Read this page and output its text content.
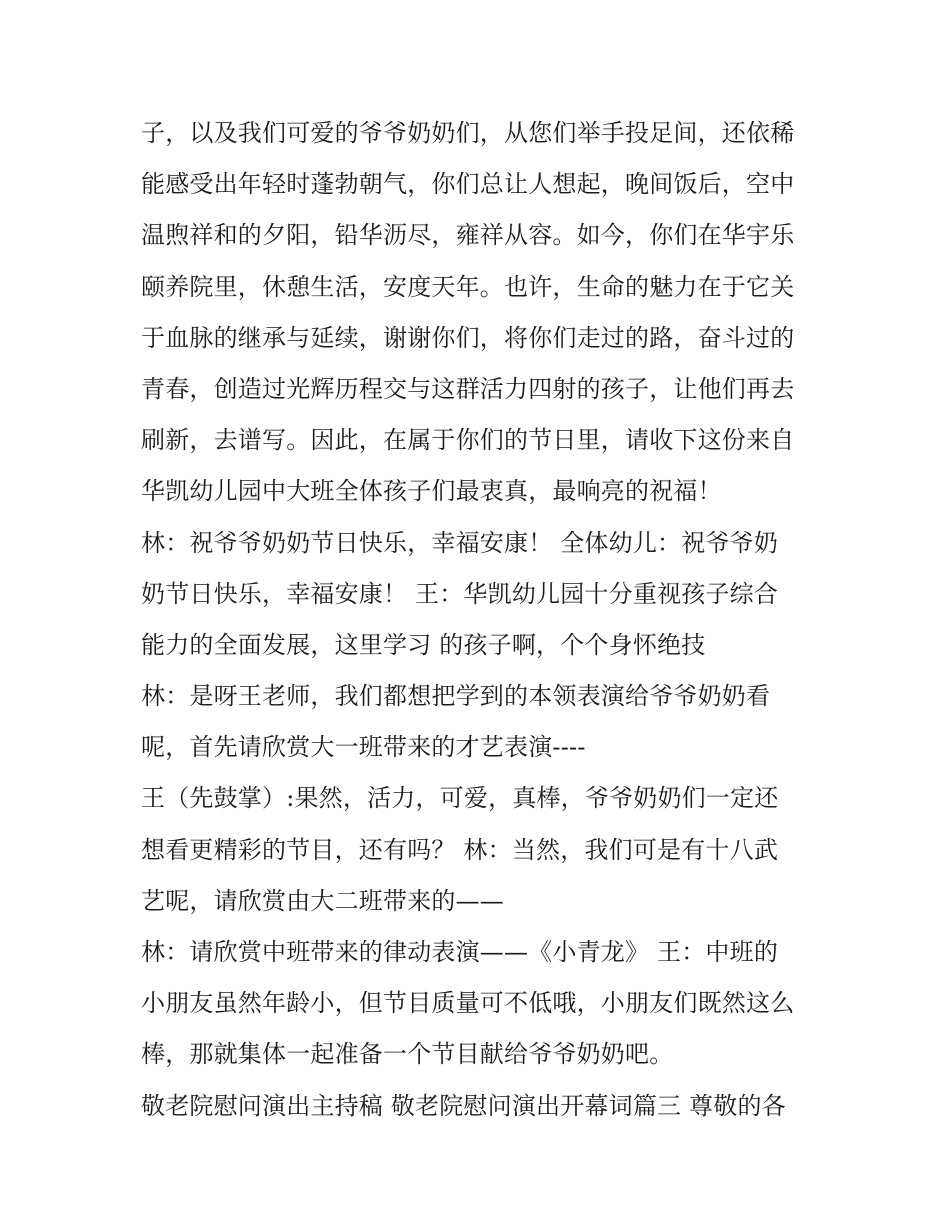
子，以及我们可爱的爷爷奶奶们，从您们举手投足间，还依稀
能感受出年轻时蓬勃朝气，你们总让人想起，晚间饭后，空中
温煦祥和的夕阳，铅华沥尽，雍祥从容。如今，你们在华宇乐
颐养院里，休憩生活，安度天年。也许，生命的魅力在于它关
于血脉的继承与延续，谢谢你们，将你们走过的路，奋斗过的
青春，创造过光辉历程交与这群活力四射的孩子，让他们再去
刷新，去谱写。因此，在属于你们的节日里，请收下这份来自
华凯幼儿园中大班全体孩子们最衷真，最响亮的祝福！
林：祝爷爷奶奶节日快乐，幸福安康！ 全体幼儿：祝爷爷奶
奶节日快乐，幸福安康！ 王：华凯幼儿园十分重视孩子综合
能力的全面发展，这里学习 的孩子啊，个个身怀绝技
林：是呀王老师，我们都想把学到的本领表演给爷爷奶奶看
呢，首先请欣赏大一班带来的才艺表演----
王（先鼓掌）:果然，活力，可爱，真棒，爷爷奶奶们一定还
想看更精彩的节目，还有吗？ 林：当然，我们可是有十八武
艺呢，请欣赏由大二班带来的——
林：请欣赏中班带来的律动表演——《小青龙》 王：中班的
小朋友虽然年龄小，但节目质量可不低哦，小朋友们既然这么
棒，那就集体一起准备一个节目献给爷爷奶奶吧。
敬老院慰问演出主持稿 敬老院慰问演出开幕词篇三 尊敬的各
